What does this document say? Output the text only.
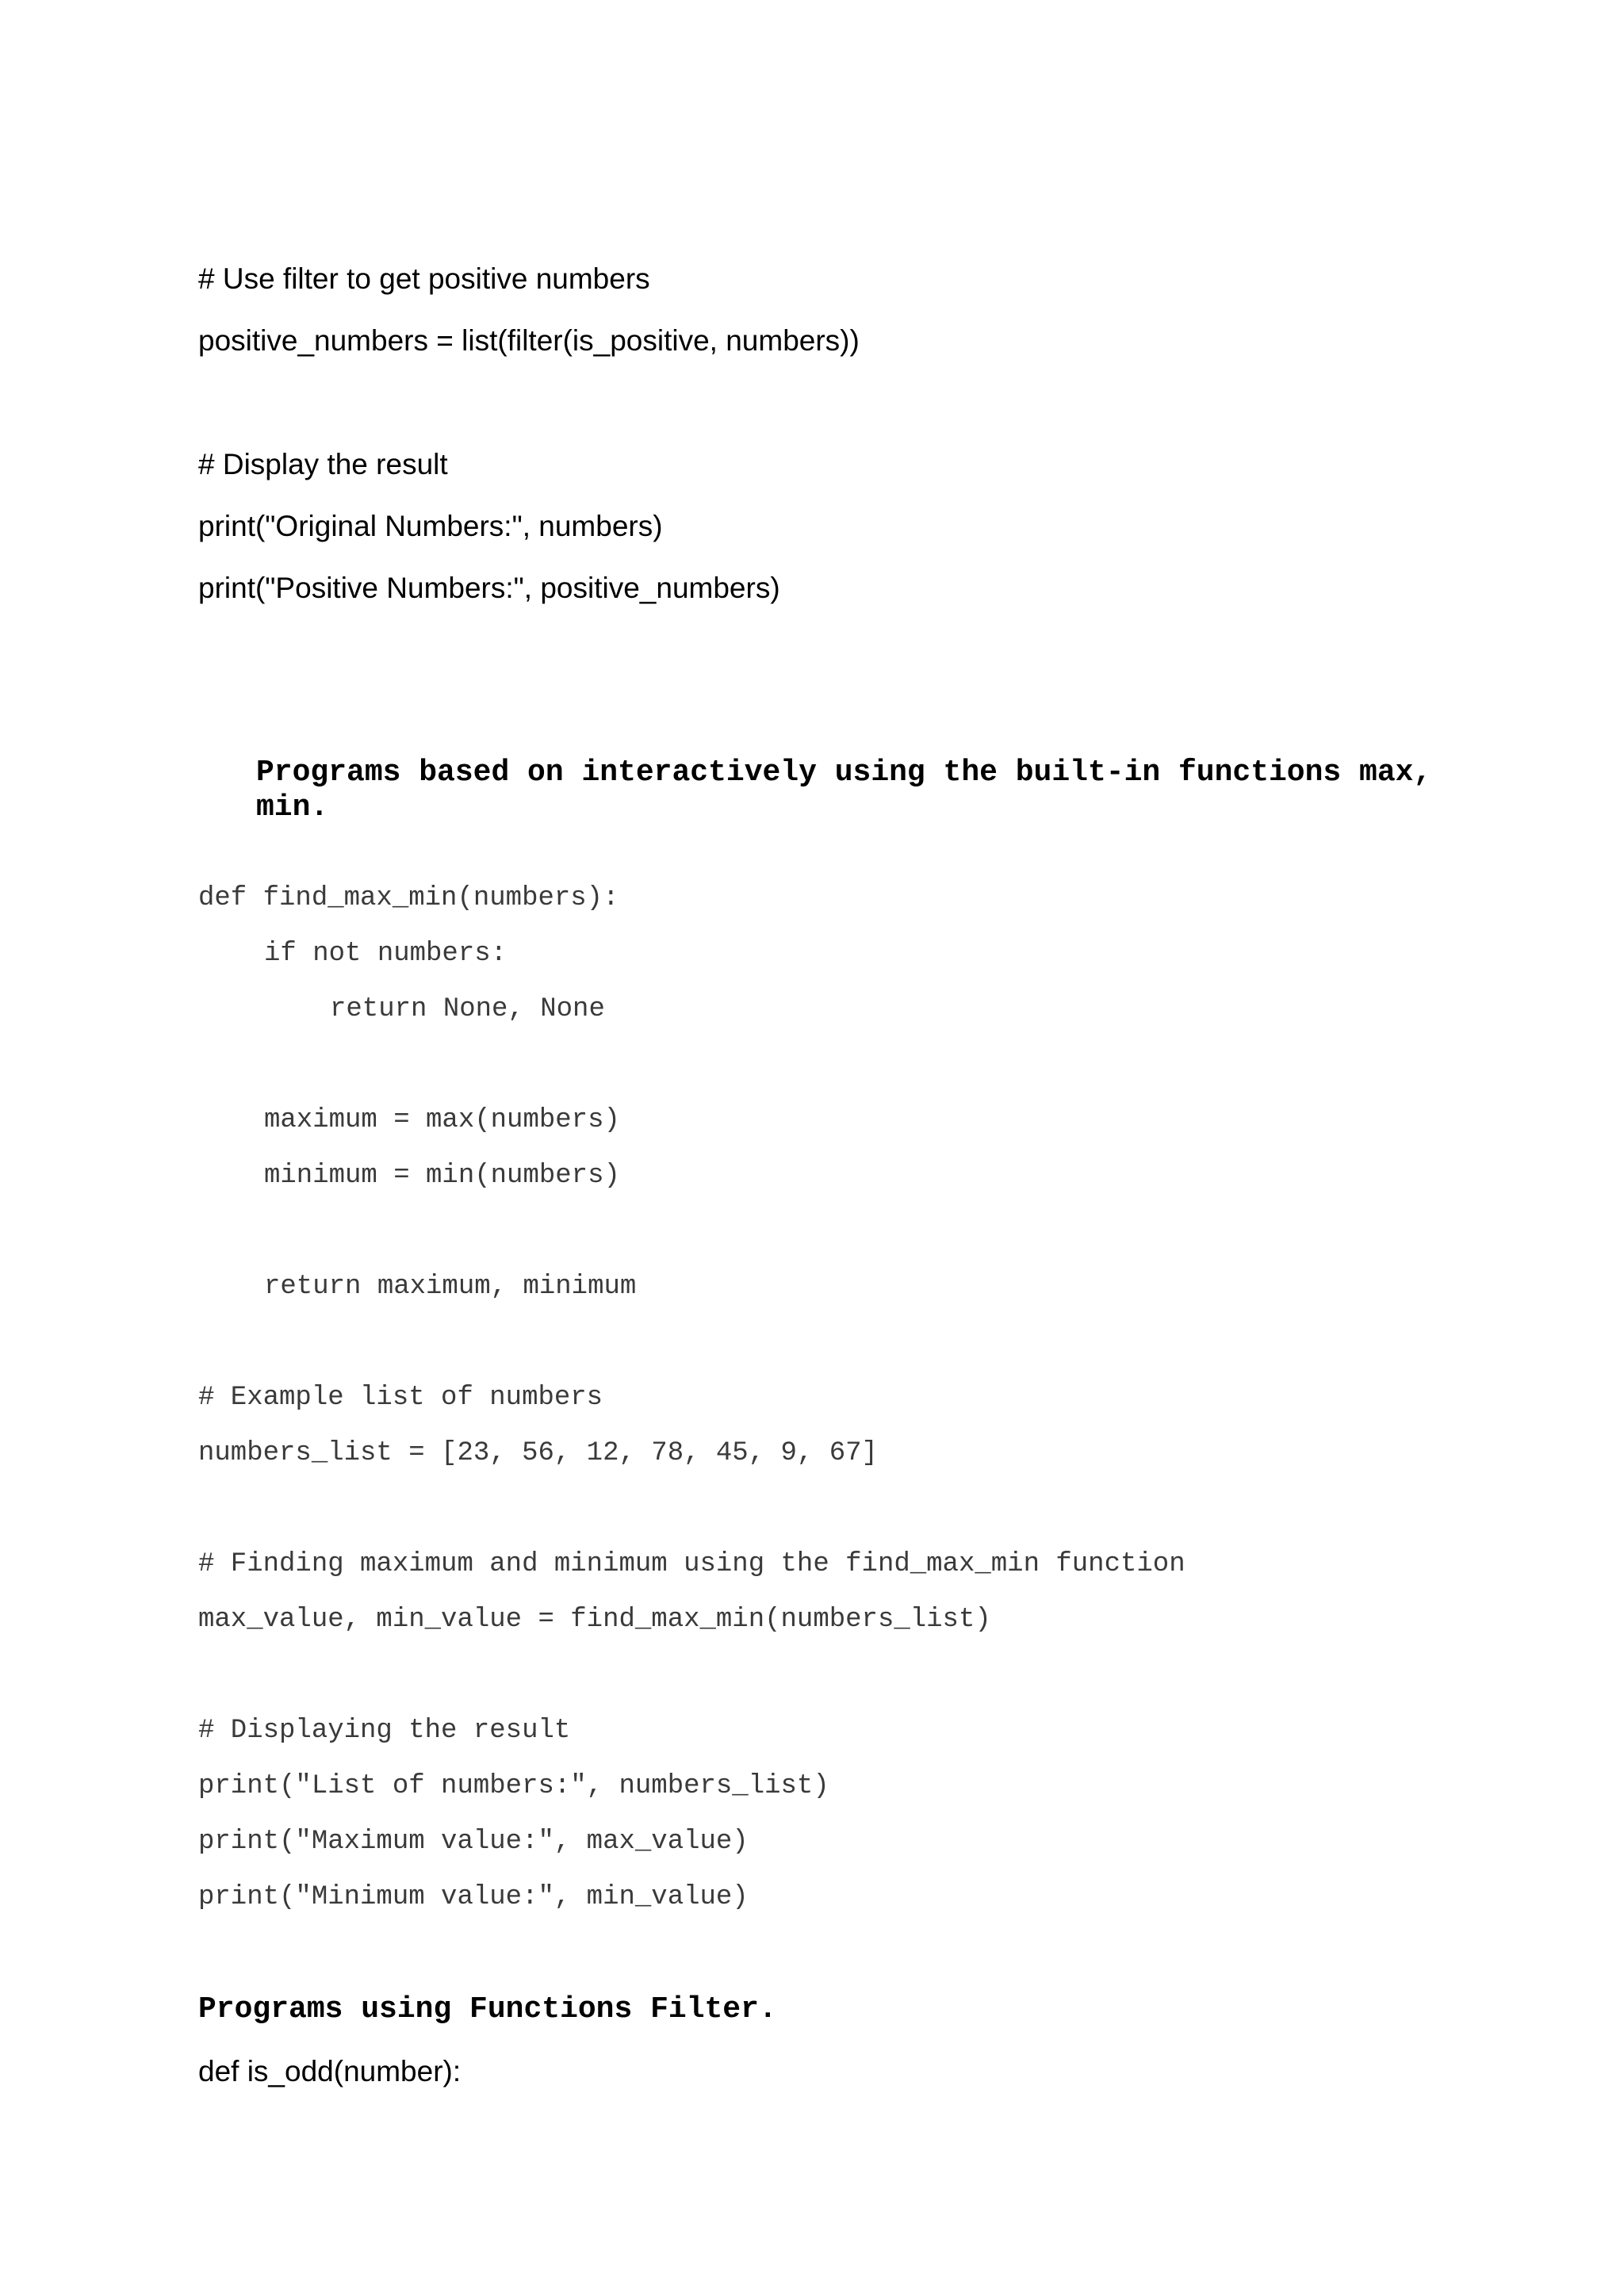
# Use filter to get positive numbers
positive_numbers = list(filter(is_positive, numbers))
# Display the result
print("Original Numbers:", numbers)
print("Positive Numbers:", positive_numbers)
Programs based on interactively using the built-in functions max,
min.
def find_max_min(numbers):
if not numbers:
return None, None
maximum = max(numbers)
minimum = min(numbers)
return maximum, minimum
# Example list of numbers
numbers_list = [23, 56, 12, 78, 45, 9, 67]
# Finding maximum and minimum using the find_max_min function
max_value, min_value = find_max_min(numbers_list)
# Displaying the result
print("List of numbers:", numbers_list)
print("Maximum value:", max_value)
print("Minimum value:", min_value)
Programs using Functions Filter.
def is_odd(number):
